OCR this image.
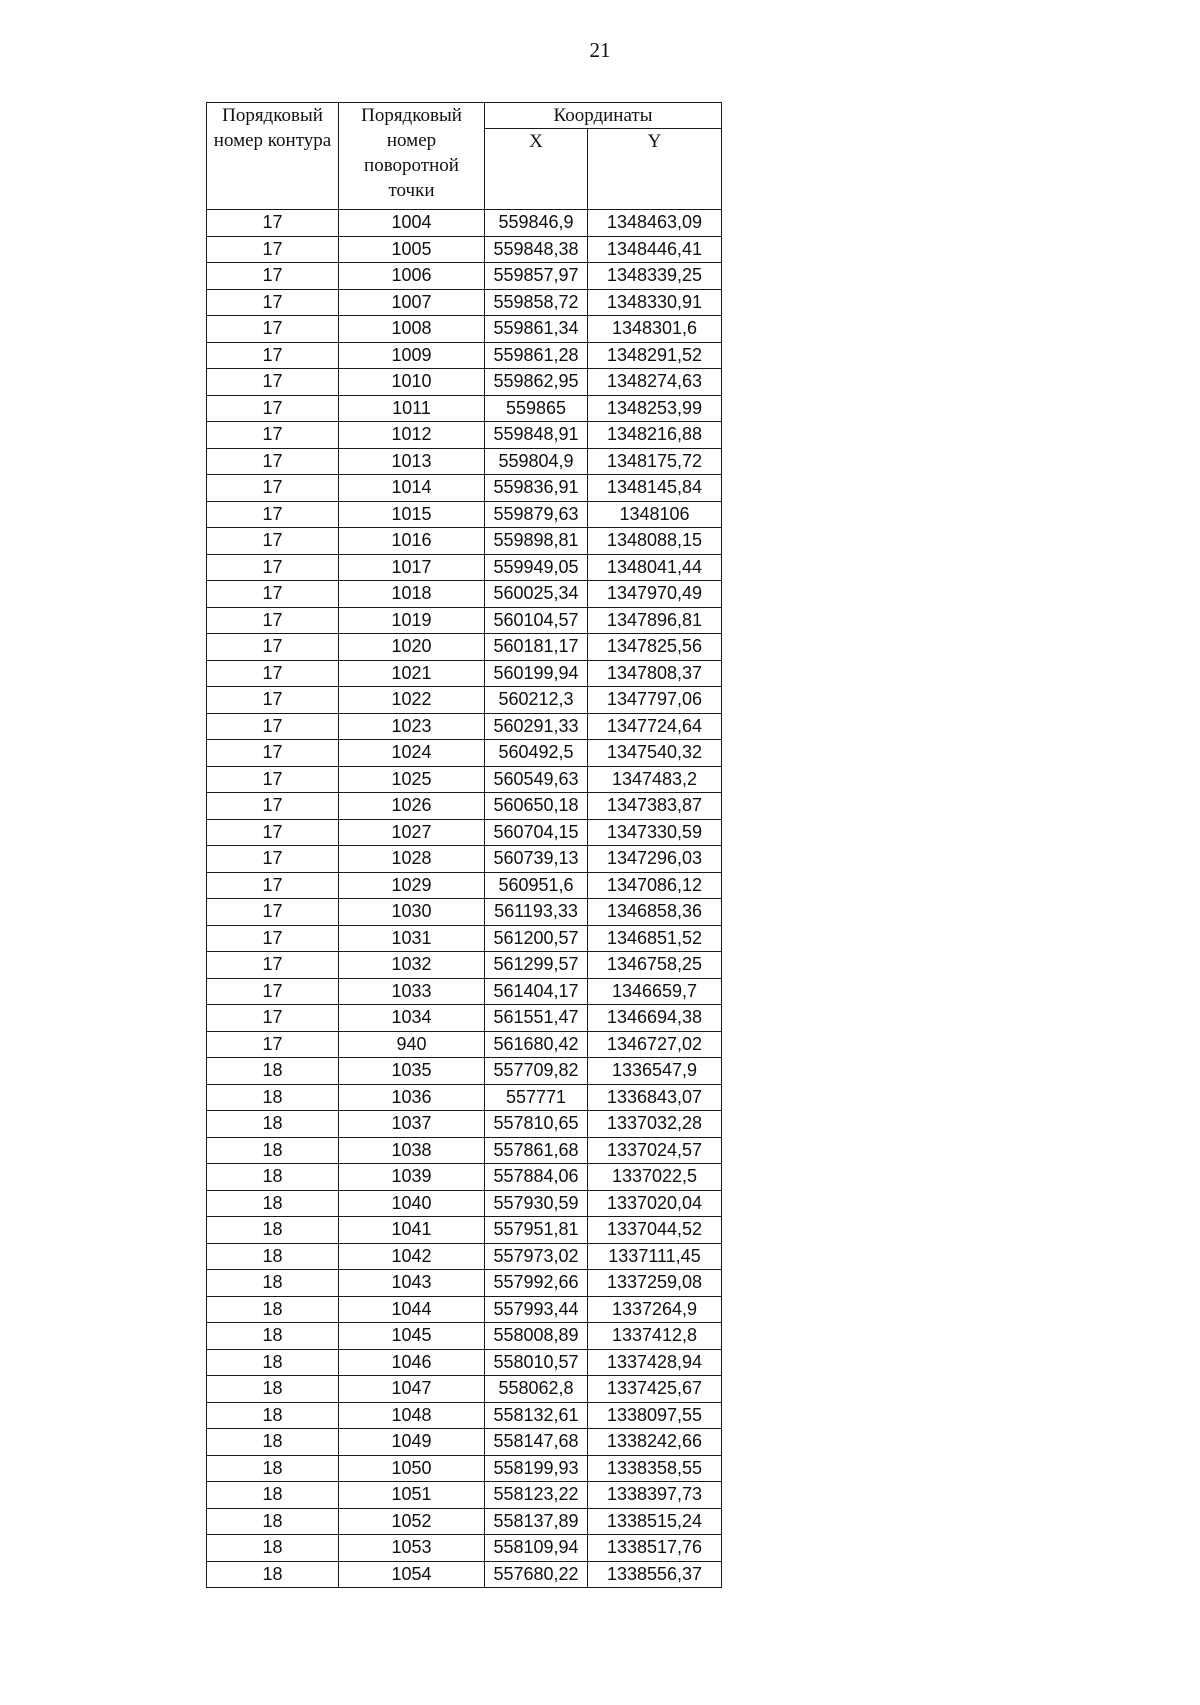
21
Порядковый номер контура	Порядковый номер поворотной точки	Координаты	
		X	Y
17	1004	559846,9	1348463,09
17	1005	559848,38	1348446,41
17	1006	559857,97	1348339,25
17	1007	559858,72	1348330,91
17	1008	559861,34	1348301,6
17	1009	559861,28	1348291,52
17	1010	559862,95	1348274,63
17	1011	559865	1348253,99
17	1012	559848,91	1348216,88
17	1013	559804,9	1348175,72
17	1014	559836,91	1348145,84
17	1015	559879,63	1348106
17	1016	559898,81	1348088,15
17	1017	559949,05	1348041,44
17	1018	560025,34	1347970,49
17	1019	560104,57	1347896,81
17	1020	560181,17	1347825,56
17	1021	560199,94	1347808,37
17	1022	560212,3	1347797,06
17	1023	560291,33	1347724,64
17	1024	560492,5	1347540,32
17	1025	560549,63	1347483,2
17	1026	560650,18	1347383,87
17	1027	560704,15	1347330,59
17	1028	560739,13	1347296,03
17	1029	560951,6	1347086,12
17	1030	561193,33	1346858,36
17	1031	561200,57	1346851,52
17	1032	561299,57	1346758,25
17	1033	561404,17	1346659,7
17	1034	561551,47	1346694,38
17	940	561680,42	1346727,02
18	1035	557709,82	1336547,9
18	1036	557771	1336843,07
18	1037	557810,65	1337032,28
18	1038	557861,68	1337024,57
18	1039	557884,06	1337022,5
18	1040	557930,59	1337020,04
18	1041	557951,81	1337044,52
18	1042	557973,02	1337111,45
18	1043	557992,66	1337259,08
18	1044	557993,44	1337264,9
18	1045	558008,89	1337412,8
18	1046	558010,57	1337428,94
18	1047	558062,8	1337425,67
18	1048	558132,61	1338097,55
18	1049	558147,68	1338242,66
18	1050	558199,93	1338358,55
18	1051	558123,22	1338397,73
18	1052	558137,89	1338515,24
18	1053	558109,94	1338517,76
18	1054	557680,22	1338556,37
